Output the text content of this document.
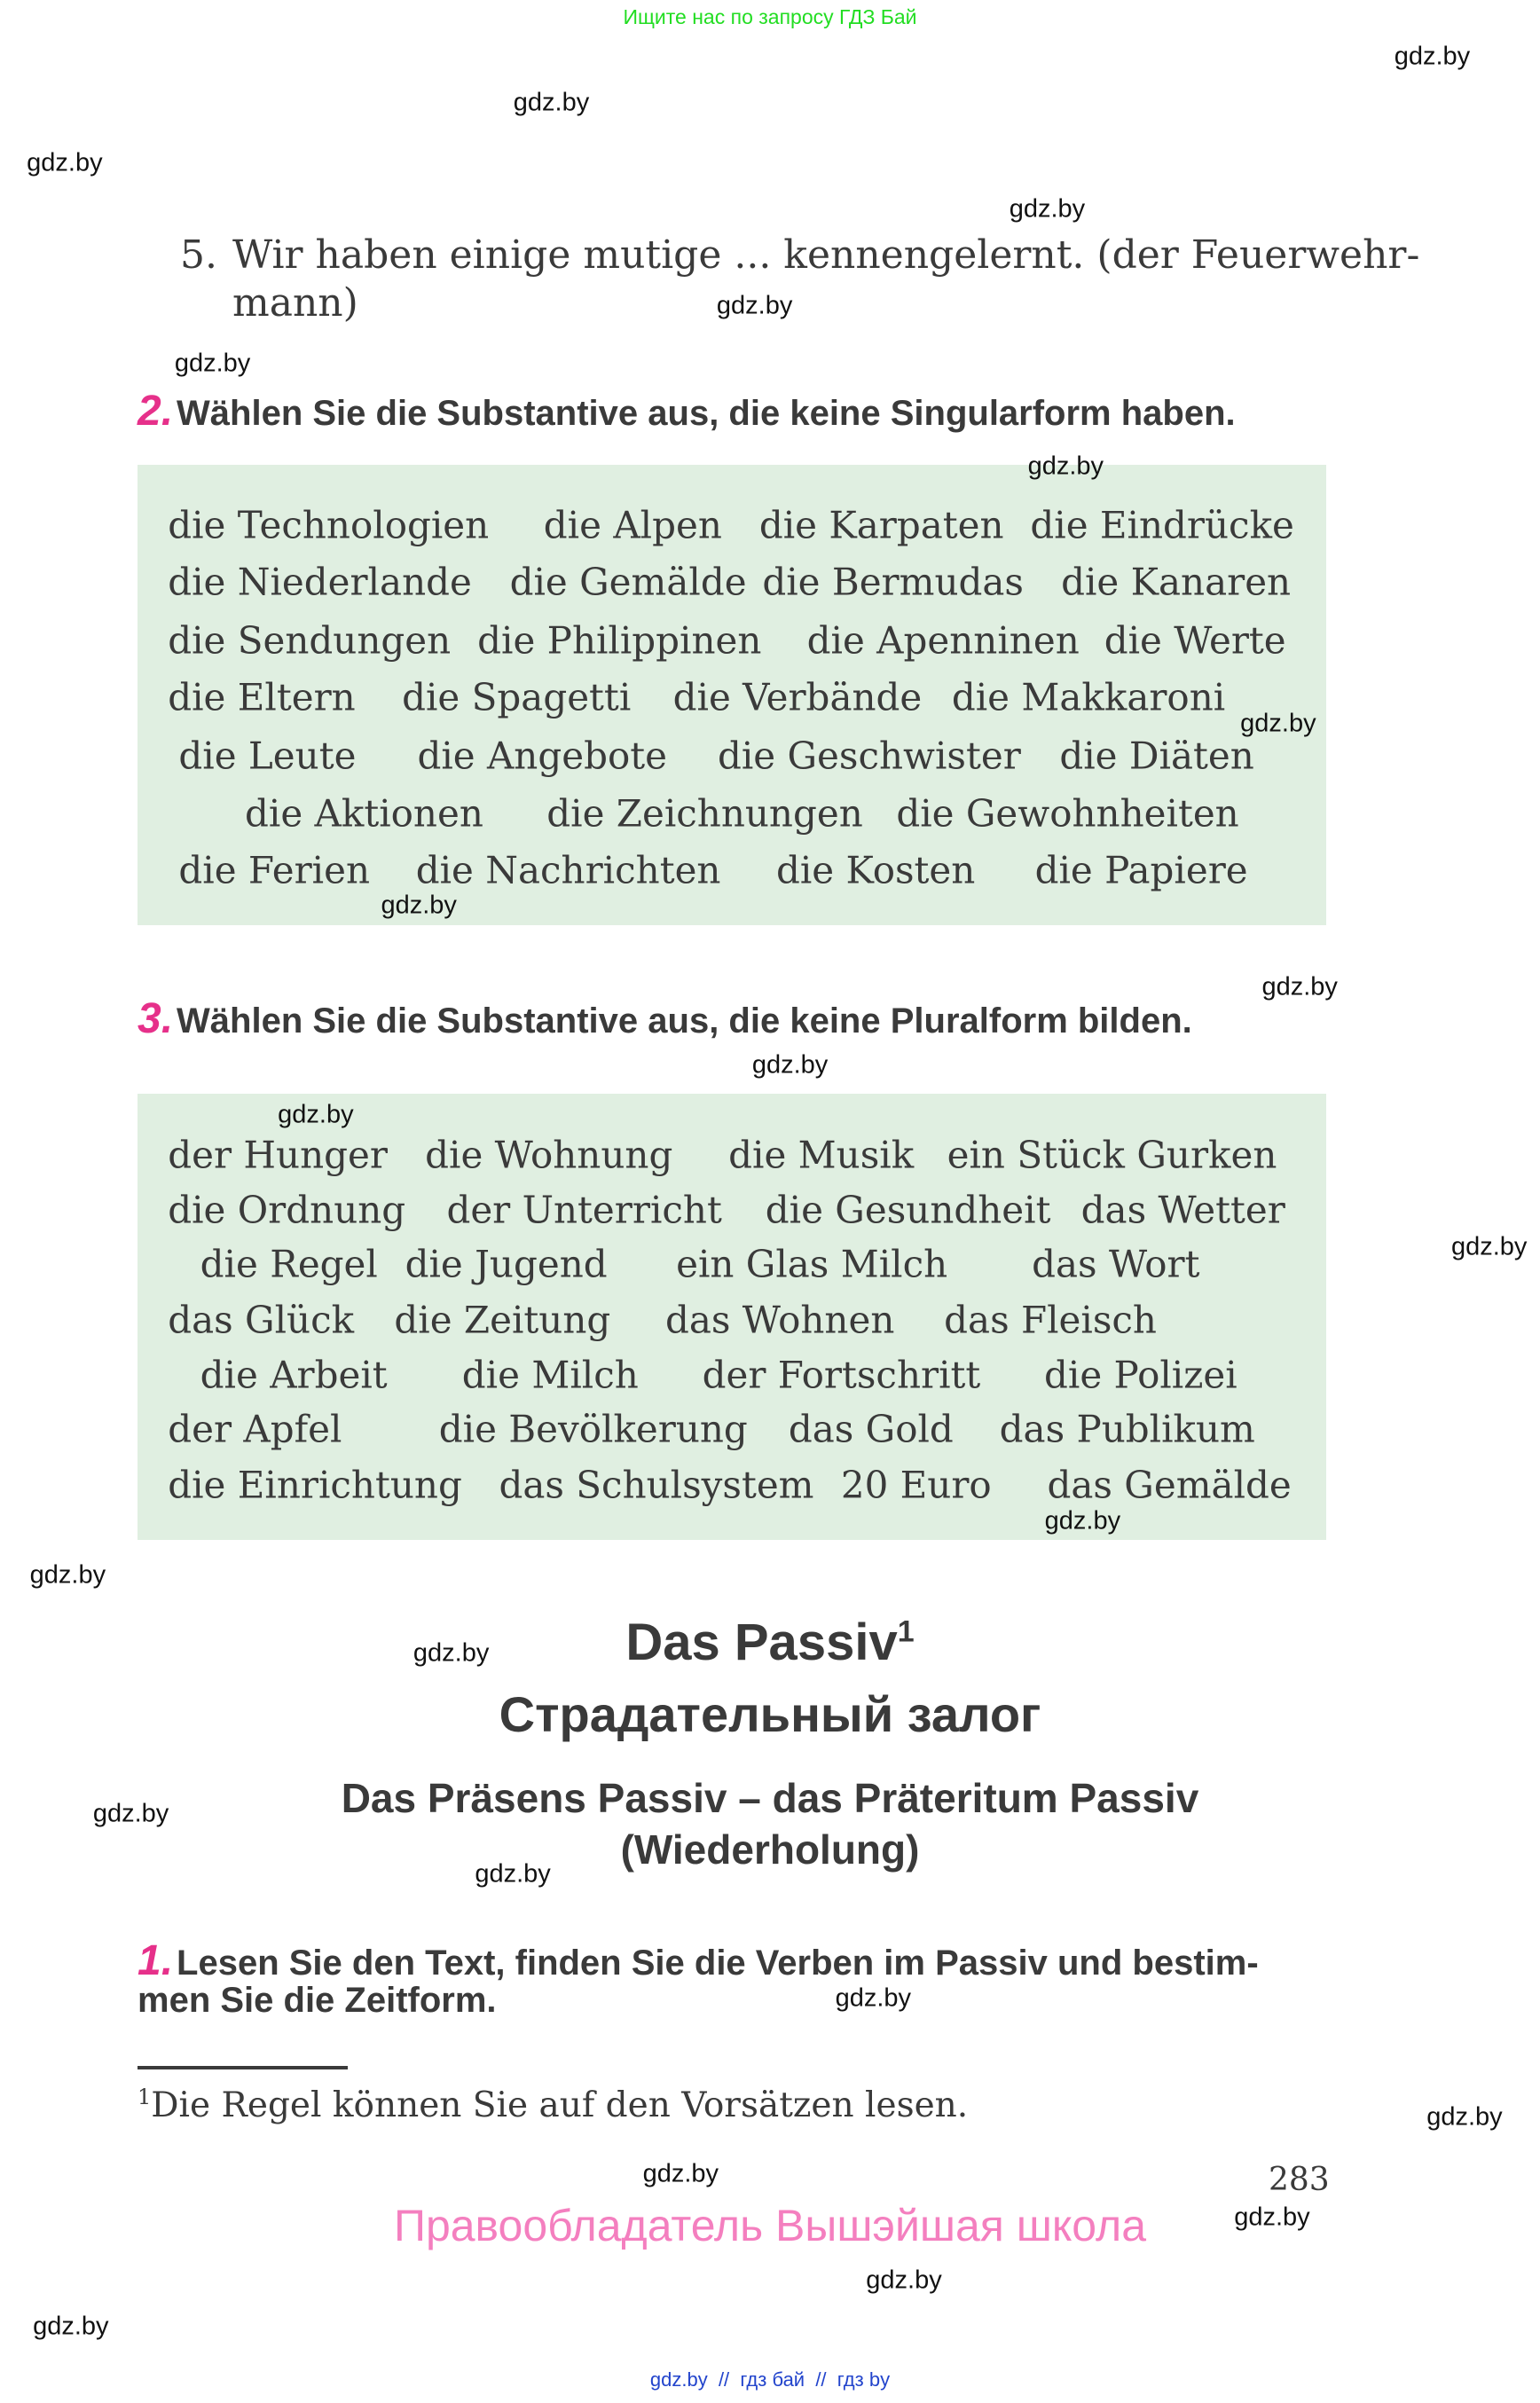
Ищите нас по запросу ГДЗ Бай
5. Wir haben einige mutige ... kennengelernt. (der Feuerwehr-
mann)
2. Wählen Sie die Substantive aus, die keine Singularform haben.
die Technologien die Alpen die Karpaten die Eindrücke
die Niederlande die Gemälde die Bermudas die Kanaren
die Sendungen die Philippinen die Apenninen die Werte
die Eltern die Spagetti die Verbände die Makkaroni
die Leute die Angebote die Geschwister die Diäten
die Aktionen die Zeichnungen die Gewohnheiten
die Ferien die Nachrichten die Kosten die Papiere
3. Wählen Sie die Substantive aus, die keine Pluralform bilden.
der Hunger die Wohnung die Musik ein Stück Gurken
die Ordnung der Unterricht die Gesundheit das Wetter
die Regel die Jugend ein Glas Milch das Wort
das Glück die Zeitung das Wohnen das Fleisch
die Arbeit die Milch der Fortschritt die Polizei
der Apfel	die Bevölkerung das Gold das Publikum
die Einrichtung das Schulsystem 20 Euro das Gemälde
Das Passiv$^1$
Страдательный залог
Das Präsens Passiv – das Präteritum Passiv
(Wiederholung)
1. Lesen Sie den Text, finden Sie die Verben im Passiv und bestim-
men Sie die Zeitform.
$^1$Die Regel können Sie auf den Vorsätzen lesen.
283
Правообладатель Вышэйшая школа
gdz.by  //  гдз бай  //  гдз by
gdz.by
gdz.by
gdz.by
gdz.by
gdz.by
gdz.by
gdz.by
gdz.by
gdz.by
gdz.by
gdz.by
gdz.by
gdz.by
gdz.by
gdz.by
gdz.by
gdz.by
gdz.by
gdz.by
gdz.by
gdz.by
gdz.by
gdz.by
gdz.by
